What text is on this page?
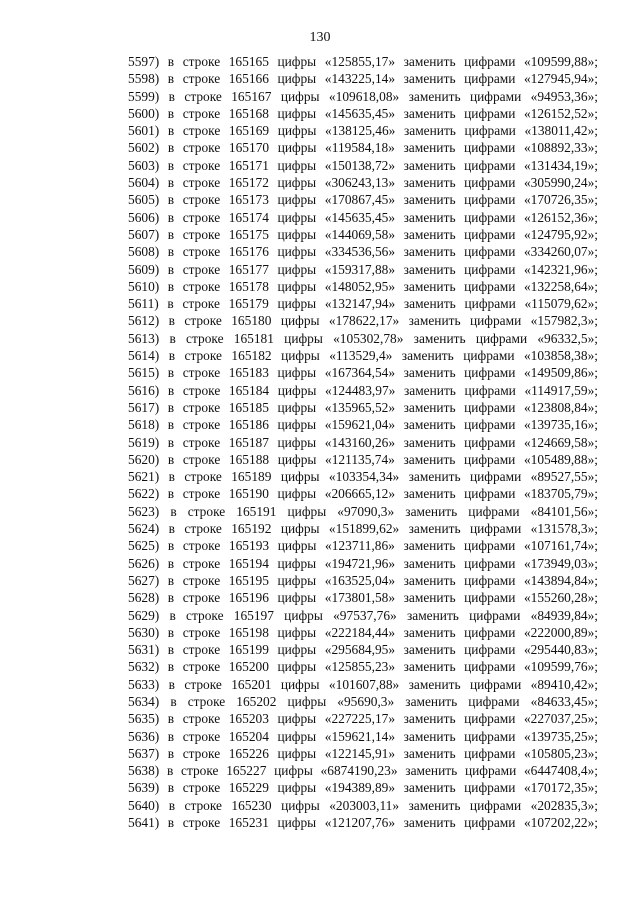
130
5597) в строке 165165 цифры «125855,17» заменить цифрами «109599,88»;
5598) в строке 165166 цифры «143225,14» заменить цифрами «127945,94»;
5599) в строке 165167 цифры «109618,08» заменить цифрами «94953,36»;
5600) в строке 165168 цифры «145635,45» заменить цифрами «126152,52»;
5601) в строке 165169 цифры «138125,46» заменить цифрами «138011,42»;
5602) в строке 165170 цифры «119584,18» заменить цифрами «108892,33»;
5603) в строке 165171 цифры «150138,72» заменить цифрами «131434,19»;
5604) в строке 165172 цифры «306243,13» заменить цифрами «305990,24»;
5605) в строке 165173 цифры «170867,45» заменить цифрами «170726,35»;
5606) в строке 165174 цифры «145635,45» заменить цифрами «126152,36»;
5607) в строке 165175 цифры «144069,58» заменить цифрами «124795,92»;
5608) в строке 165176 цифры «334536,56» заменить цифрами «334260,07»;
5609) в строке 165177 цифры «159317,88» заменить цифрами «142321,96»;
5610) в строке 165178 цифры «148052,95» заменить цифрами «132258,64»;
5611) в строке 165179 цифры «132147,94» заменить цифрами «115079,62»;
5612) в строке 165180 цифры «178622,17» заменить цифрами «157982,3»;
5613) в строке 165181 цифры «105302,78» заменить цифрами «96332,5»;
5614) в строке 165182 цифры «113529,4» заменить цифрами «103858,38»;
5615) в строке 165183 цифры «167364,54» заменить цифрами «149509,86»;
5616) в строке 165184 цифры «124483,97» заменить цифрами «114917,59»;
5617) в строке 165185 цифры «135965,52» заменить цифрами «123808,84»;
5618) в строке 165186 цифры «159621,04» заменить цифрами «139735,16»;
5619) в строке 165187 цифры «143160,26» заменить цифрами «124669,58»;
5620) в строке 165188 цифры «121135,74» заменить цифрами «105489,88»;
5621) в строке 165189 цифры «103354,34» заменить цифрами «89527,55»;
5622) в строке 165190 цифры «206665,12» заменить цифрами «183705,79»;
5623) в строке 165191 цифры «97090,3» заменить цифрами «84101,56»;
5624) в строке 165192 цифры «151899,62» заменить цифрами «131578,3»;
5625) в строке 165193 цифры «123711,86» заменить цифрами «107161,74»;
5626) в строке 165194 цифры «194721,96» заменить цифрами «173949,03»;
5627) в строке 165195 цифры «163525,04» заменить цифрами «143894,84»;
5628) в строке 165196 цифры «173801,58» заменить цифрами «155260,28»;
5629) в строке 165197 цифры «97537,76» заменить цифрами «84939,84»;
5630) в строке 165198 цифры «222184,44» заменить цифрами «222000,89»;
5631) в строке 165199 цифры «295684,95» заменить цифрами «295440,83»;
5632) в строке 165200 цифры «125855,23» заменить цифрами «109599,76»;
5633) в строке 165201 цифры «101607,88» заменить цифрами «89410,42»;
5634) в строке 165202 цифры «95690,3» заменить цифрами «84633,45»;
5635) в строке 165203 цифры «227225,17» заменить цифрами «227037,25»;
5636) в строке 165204 цифры «159621,14» заменить цифрами «139735,25»;
5637) в строке 165226 цифры «122145,91» заменить цифрами «105805,23»;
5638) в строке 165227 цифры «6874190,23» заменить цифрами «6447408,4»;
5639) в строке 165229 цифры «194389,89» заменить цифрами «170172,35»;
5640) в строке 165230 цифры «203003,11» заменить цифрами «202835,3»;
5641) в строке 165231 цифры «121207,76» заменить цифрами «107202,22»;
